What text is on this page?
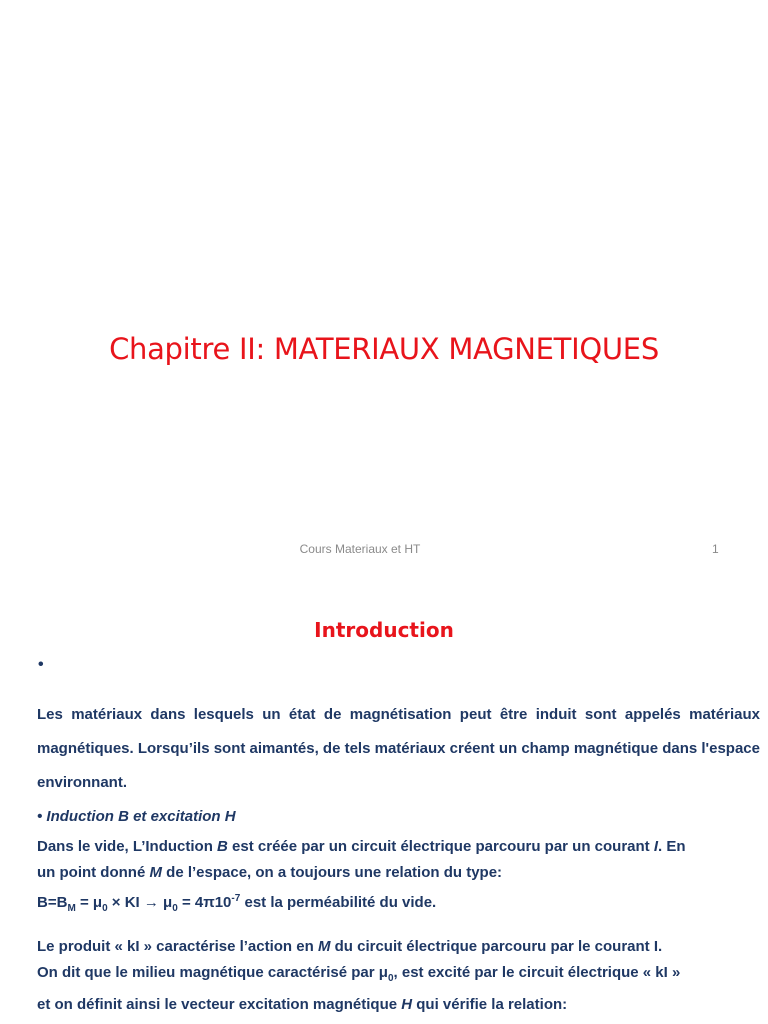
Chapitre II: MATERIAUX MAGNETIQUES
Cours Materiaux et HT	1
Introduction
•
Les matériaux dans lesquels un état de magnétisation peut être induit sont appelés matériaux magnétiques. Lorsqu’ils sont aimantés, de tels matériaux créent un champ magnétique dans l'espace environnant.
• Induction B et excitation H
Dans le vide, L’Induction B est créée par un circuit électrique parcouru par un courant I. En
un point donné M de l’espace, on a toujours une relation du type:
$B=B_M = \mu_0$ × KI → $\mu_0 = 4\pi 10^{-7}$ est la perméabilité du vide.
Le produit « kI » caractérise l’action en M du circuit électrique parcouru par le courant I.
On dit que le milieu magnétique caractérisé par $\mu_0$, est excité par le circuit électrique « kI »
et on définit ainsi le vecteur excitation magnétique H qui vérifie la relation:
